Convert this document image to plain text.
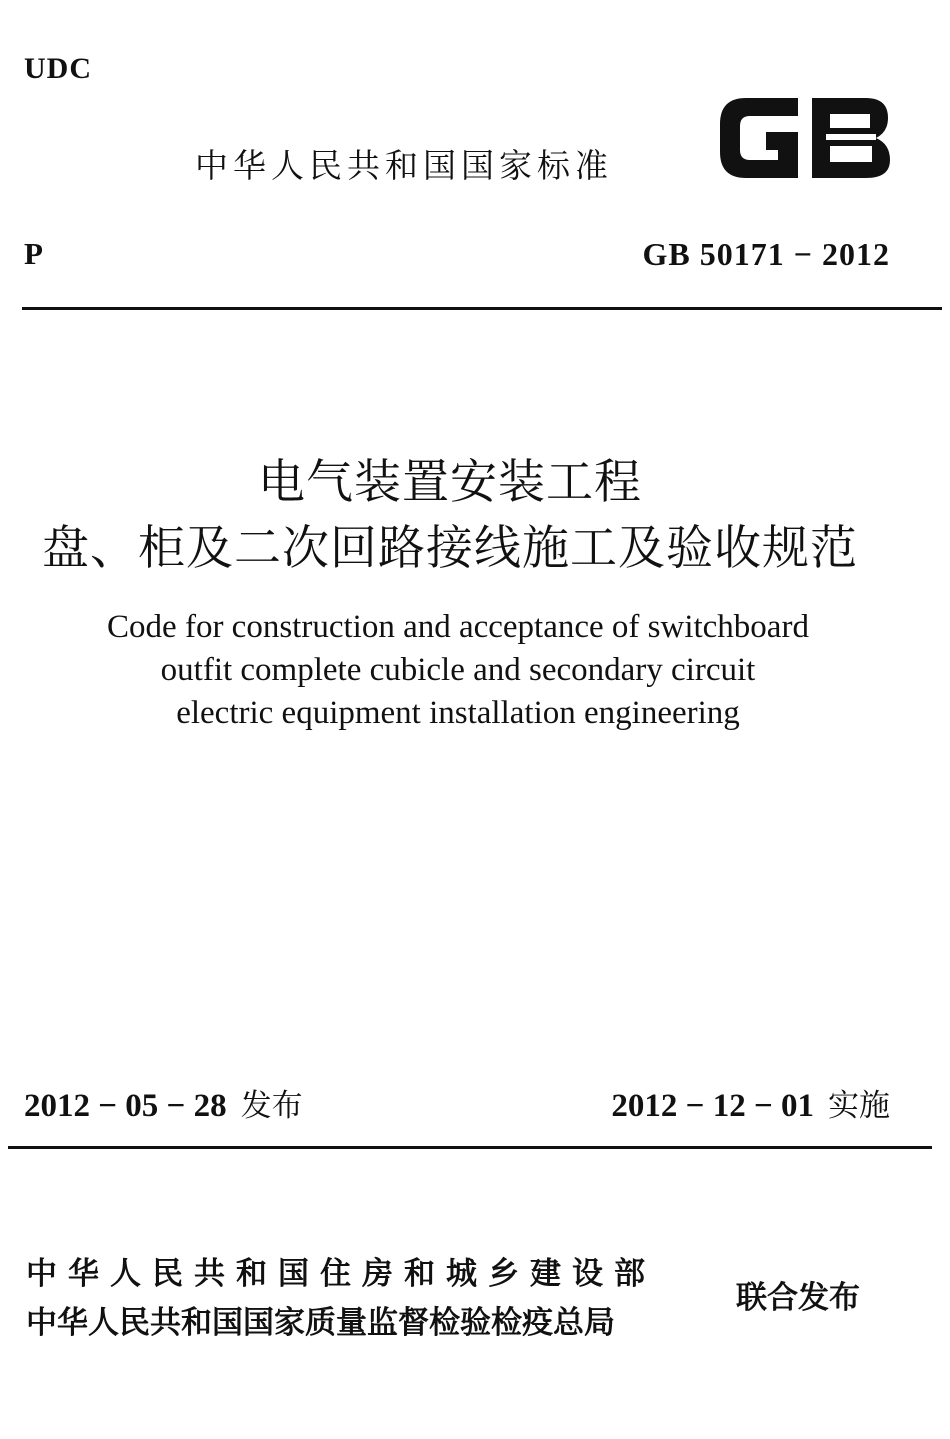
UDC
中华人民共和国国家标准
P	GB 50171 − 2012
电气装置安装工程
盘、柜及二次回路接线施工及验收规范
Code for construction and acceptance of switchboard
outfit complete cubicle and secondary circuit
electric equipment installation engineering
2012 − 05 − 28 发布	2012 − 12 − 01 实施
中华人民共和国住房和城乡建设部
中华人民共和国国家质量监督检验检疫总局
联合发布
